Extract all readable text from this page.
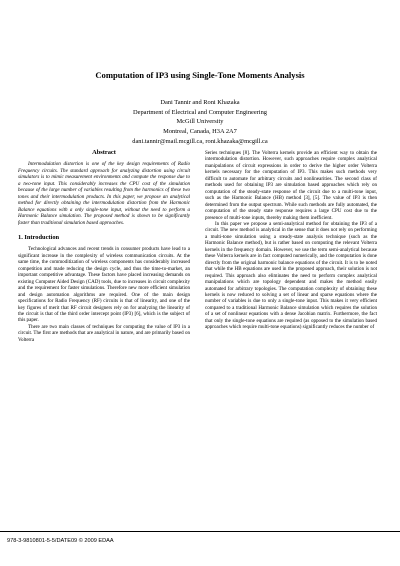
Computation of IP3 using Single-Tone Moments Analysis
Dani Tannir and Roni Khazaka
Department of Electrical and Computer Engineering
McGill University
Montreal, Canada, H3A 2A7
dani.tannir@mail.mcgill.ca, roni.khazaka@mcgill.ca
Abstract

Intermodulation distortion is one of the key design requirements of Radio Frequency circuits. The standard approach for analyzing distortion using circuit simulators is to mimic measurement environments and compute the response due to a two-tone input. This considerably increases the CPU cost of the simulation because of the large number of variables resulting from the harmonics of these two tones and their intermodulation products. In this paper, we propose an analytical method for directly obtaining the intermodulation distortion from the Harmonic Balance equations with a only single-tone input, without the need to perform a Harmonic Balance simulation. The proposed method is shown to be significantly faster than traditional simulation based approaches.

1. Introduction

Technological advances and recent trends in consumer products have lead to a significant increase in the complexity of wireless communication circuits. At the same time, the commoditization of wireless components has considerably increased competition and made reducing the design cycle, and thus the time-to-market, an important competitive advantage. These factors have placed increasing demands on existing Computer Aided Design (CAD) tools, due to increases in circuit complexity and the requirement for faster simulations. Therefore new more efficient simulation and design automation algorithms are required. One of the main design specifications for Radio Frequency (RF) circuits is that of linearity, and one of the key figures of merit that RF circuit designers rely on for analyzing the linearity of the circuit is that of the third order intercept point (IP3) [6], which is the subject of this paper.

There are two main classes of techniques for computing the value of IP3 in a circuit. The first are methods that are analytical in nature, and are primarily based on Volterra

Series techniques [8]. The Volterra kernels provide an efficient way to obtain the intermodulation distortion. However, such approaches require complex analytical manipulations of circuit expressions in order to derive the higher order Volterra kernels necessary for the computation of IP3. This makes such methods very difficult to automate for arbitrary circuits and nonlinearities. The second class of methods used for obtaining IP3 are simulation based approaches which rely on computation of the steady-state response of the circuit due to a multi-tone input, such as the Harmonic Balance (HB) method [3], [5]. The value of IP3 is then determined from the output spectrum. While such methods are fully automated, the computation of the steady state response requires a large CPU cost due to the presence of multi-tone inputs, thereby making them inefficient.

In this paper we propose a semi-analytical method for obtaining the IP3 of a circuit. The new method is analytical in the sense that it does not rely on performing a multi-tone simulation using a steady-state analysis technique (such as the Harmonic Balance method), but is rather based on computing the relevant Volterra kernels in the frequency domain. However, we use the term semi-analytical because these Volterra kernels are in fact computed numerically, and the computation is done directly from the original harmonic balance equations of the circuit. It is to be noted that while the HB equations are used in the proposed approach, their solution is not required. This approach also eliminates the need to perform complex analytical manipulations which are topology dependent and makes the method easily automated for arbitrary topologies. The computation complexity of obtaining these kernels is now reduced to solving a set of linear and sparse equations where the number of variables is due to only a single-tone input. This makes it very efficient compared to a traditional Harmonic Balance simulation which requires the solution of a set of nonlinear equations with a dense Jacobian matrix. Furthermore, the fact that only the single-tone equations are required (as opposed to the simulation based approaches which require multi-tone equations) significantly reduces the number of

978-3-9810801-5-5/DATE09 © 2009 EDAA
